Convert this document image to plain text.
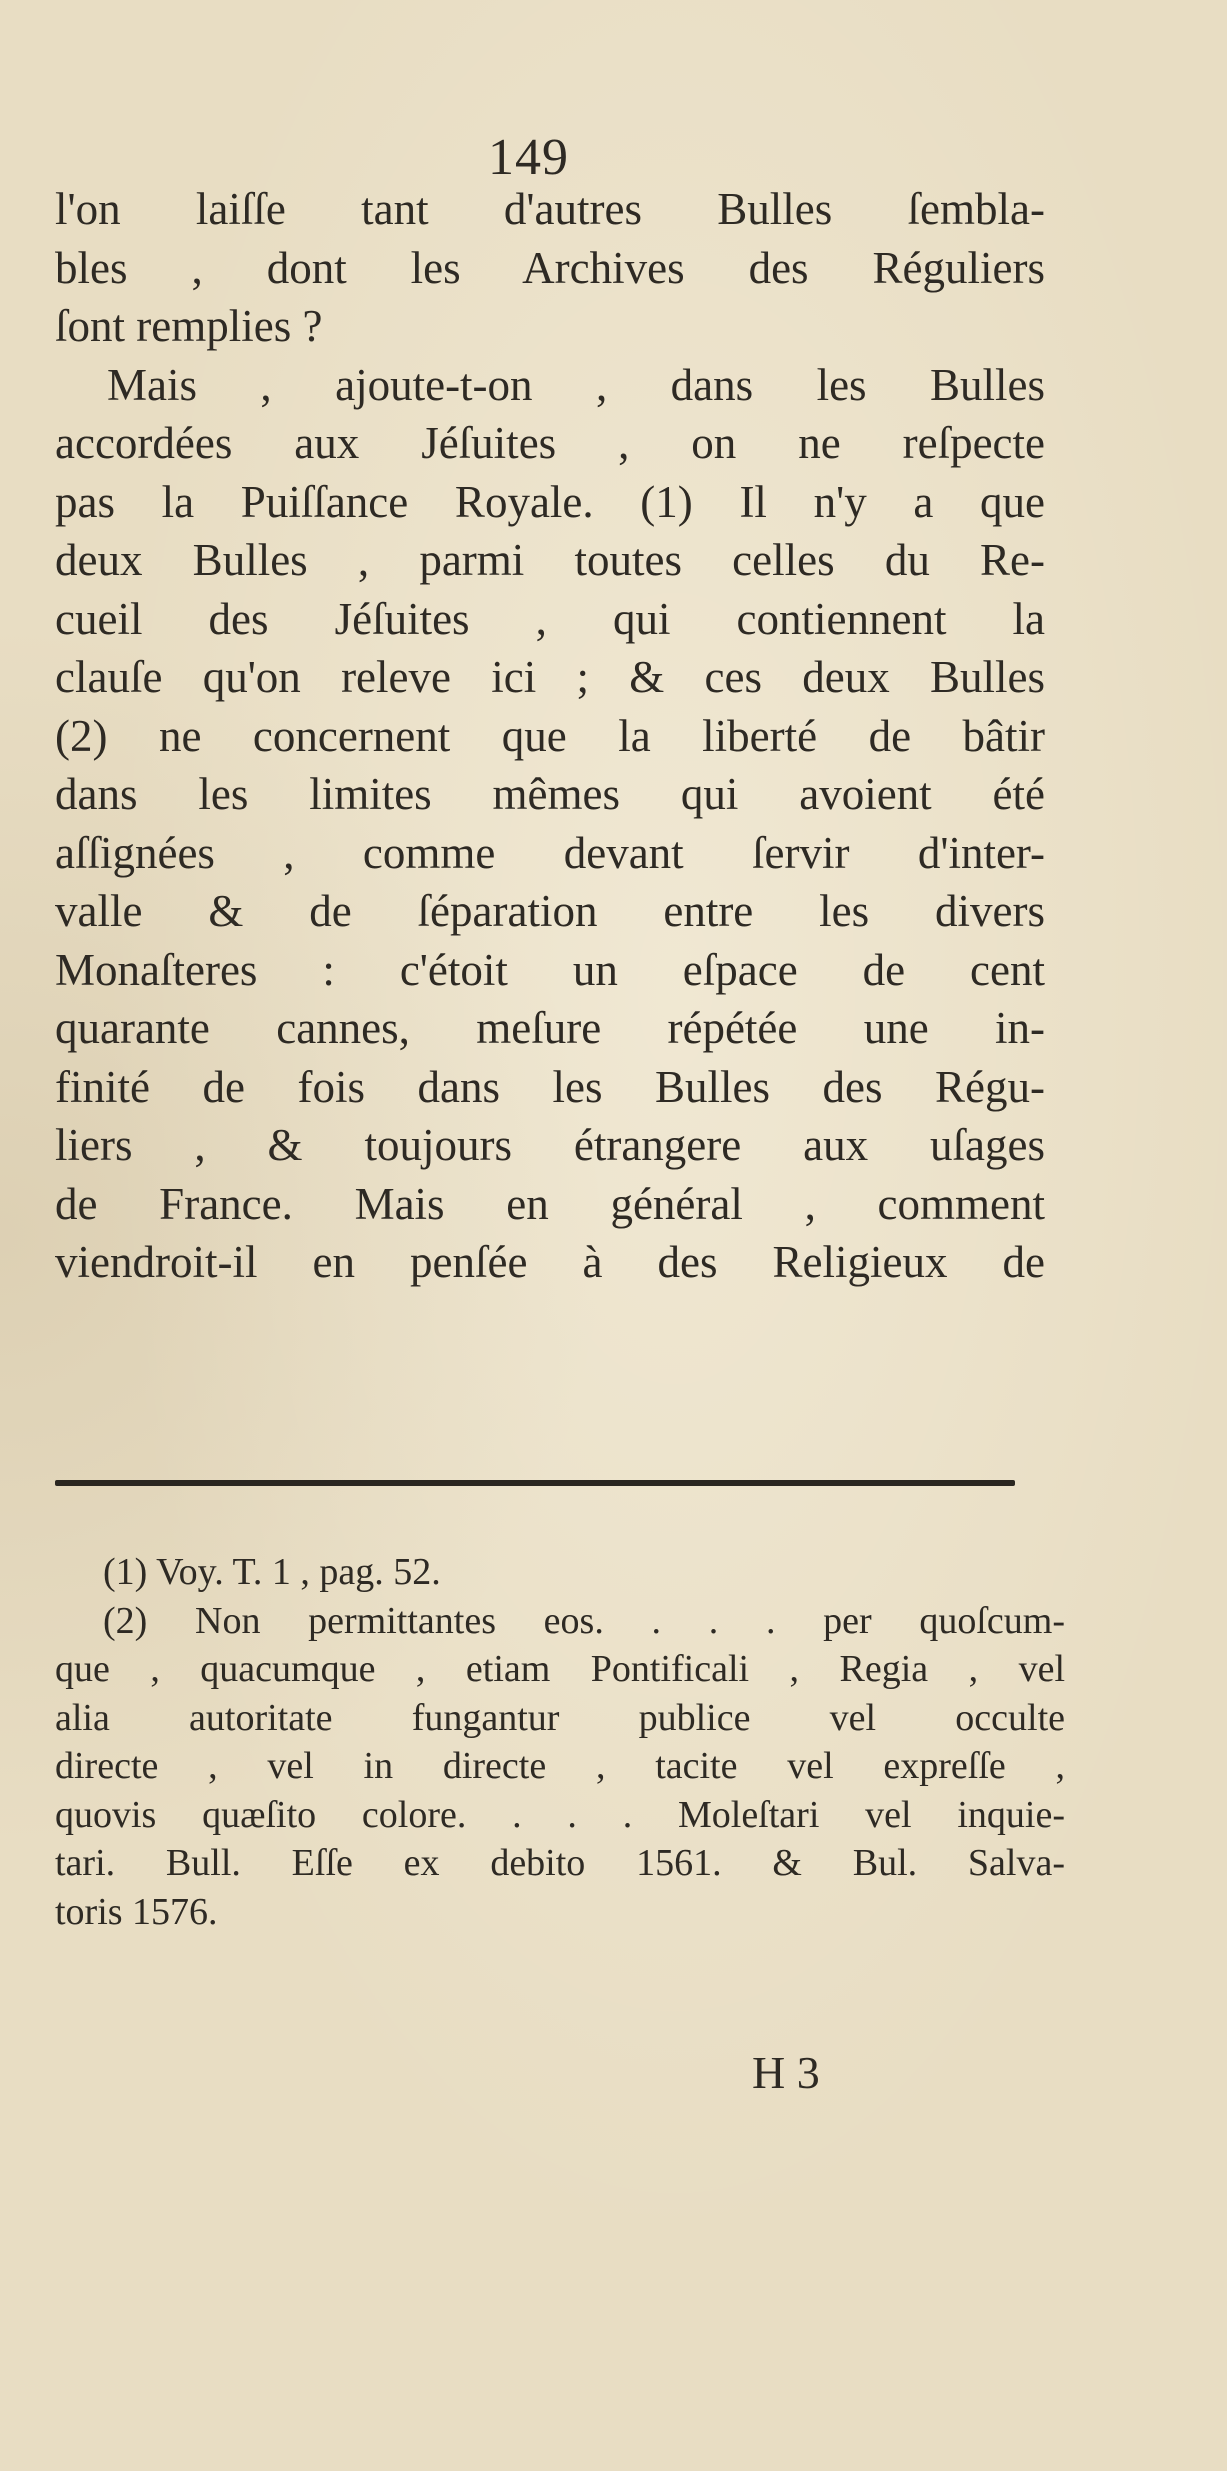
149
l'on laiſſe tant d'autres Bulles ſembla-
bles , dont les Archives des Réguliers
ſont remplies ?
Mais , ajoute-t-on , dans les Bulles
accordées aux Jéſuites , on ne reſpecte
pas la Puiſſance Royale. (1) Il n'y a que
deux Bulles , parmi toutes celles du Re-
cueil des Jéſuites , qui contiennent la
clauſe qu'on releve ici ; & ces deux Bulles
(2) ne concernent que la liberté de bâtir
dans les limites mêmes qui avoient été
aſſignées , comme devant ſervir d'inter-
valle & de ſéparation entre les divers
Monaſteres : c'étoit un eſpace de cent
quarante cannes, meſure répétée une in-
finité de fois dans les Bulles des Régu-
liers , & toujours étrangere aux uſages
de France. Mais en général , comment
viendroit-il en penſée à des Religieux de
(1) Voy. T. 1 , pag. 52.
(2) Non permittantes eos. . . . per quoſcum-
que , quacumque , etiam Pontificali , Regia , vel
alia autoritate fungantur publice vel occulte
directe , vel in directe , tacite vel expreſſe ,
quovis quæſito colore. . . . Moleſtari vel inquie-
tari. Bull. Eſſe ex debito 1561. & Bul. Salva-
toris 1576.
H 3
